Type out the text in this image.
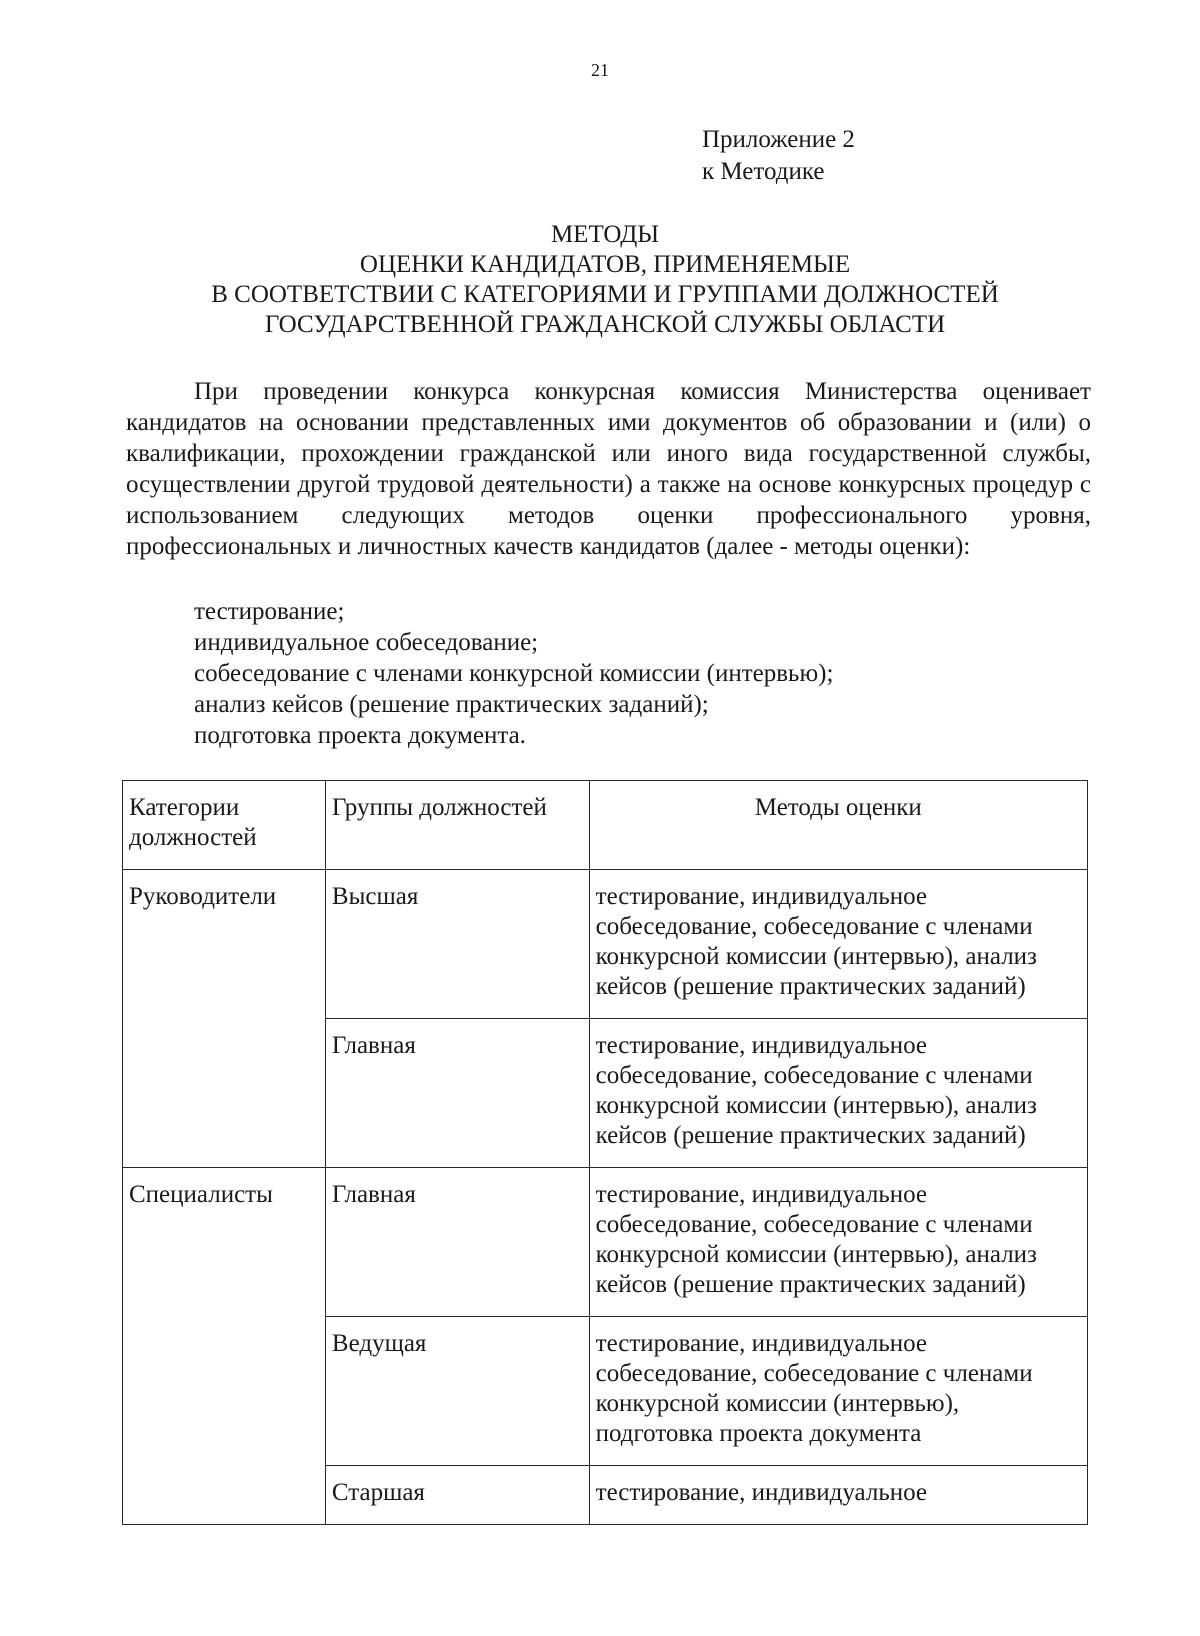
21
Приложение 2
к Методике
МЕТОДЫ
ОЦЕНКИ КАНДИДАТОВ, ПРИМЕНЯЕМЫЕ
В СООТВЕТСТВИИ С КАТЕГОРИЯМИ И ГРУППАМИ ДОЛЖНОСТЕЙ
ГОСУДАРСТВЕННОЙ ГРАЖДАНСКОЙ СЛУЖБЫ ОБЛАСТИ

При проведении конкурса конкурсная комиссия Министерства оценивает кандидатов на основании представленных ими документов об образовании и (или) о квалификации, прохождении гражданской или иного вида государственной службы, осуществлении другой трудовой деятельности) а также на основе конкурсных процедур с использованием следующих методов оценки профессионального уровня, профессиональных и личностных качеств кандидатов (далее - методы оценки):

тестирование;
индивидуальное собеседование;
собеседование с членами конкурсной комиссии (интервью);
анализ кейсов (решение практических заданий);
подготовка проекта документа.
Категории должностей	Группы должностей	Методы оценки
Руководители	Высшая	тестирование, индивидуальное собеседование, собеседование с членами конкурсной комиссии (интервью), анализ кейсов (решение практических заданий)
	Главная	тестирование, индивидуальное собеседование, собеседование с членами конкурсной комиссии (интервью), анализ кейсов (решение практических заданий)
Специалисты	Главная	тестирование, индивидуальное собеседование, собеседование с членами конкурсной комиссии (интервью), анализ кейсов (решение практических заданий)
	Ведущая	тестирование, индивидуальное собеседование, собеседование с членами конкурсной комиссии (интервью), подготовка проекта документа
	Старшая	тестирование, индивидуальное
